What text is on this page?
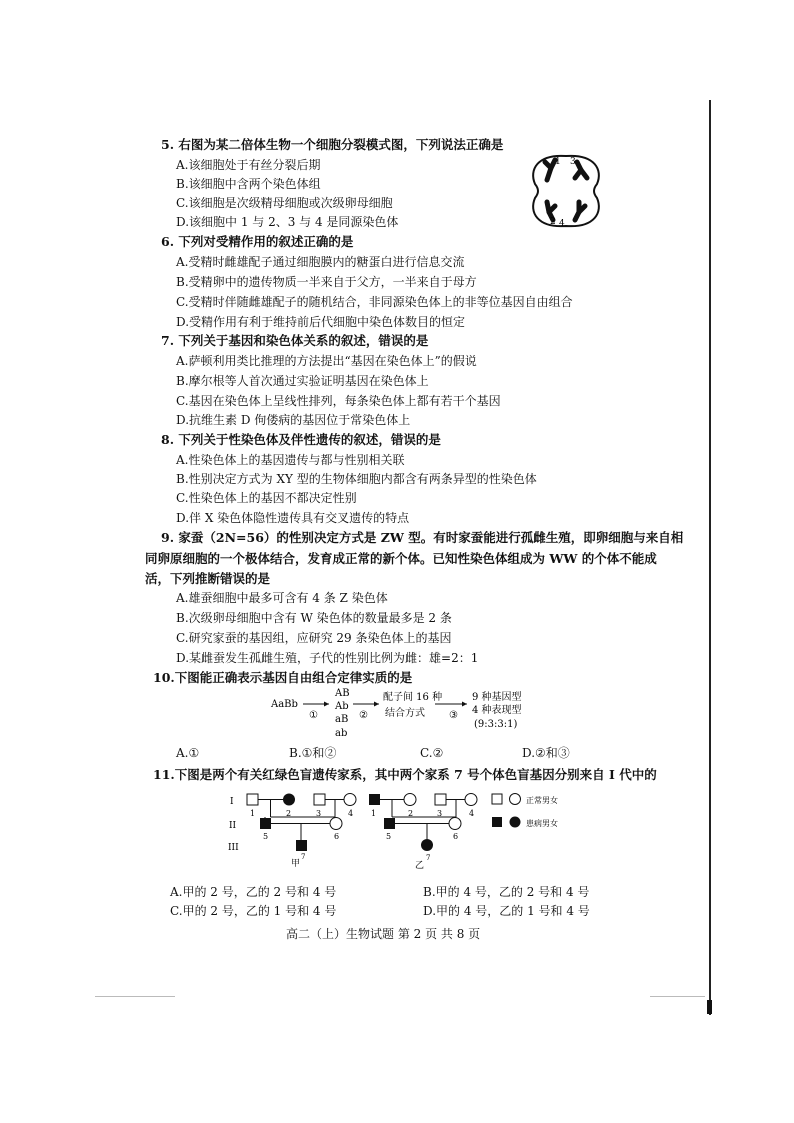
5. 右图为某二倍体生物一个细胞分裂模式图，下列说法正确是
A.该细胞处于有丝分裂后期
B.该细胞中含两个染色体组
C.该细胞是次级精母细胞或次级卵母细胞
D.该细胞中 1 与 2、3 与 4 是同源染色体
1 3
2 4
6. 下列对受精作用的叙述正确的是
A.受精时雌雄配子通过细胞膜内的糖蛋白进行信息交流
B.受精卵中的遗传物质一半来自于父方，一半来自于母方
C.受精时伴随雌雄配子的随机结合，非同源染色体上的非等位基因自由组合
D.受精作用有利于维持前后代细胞中染色体数目的恒定
7. 下列关于基因和染色体关系的叙述，错误的是
A.萨顿利用类比推理的方法提出“基因在染色体上”的假说
B.摩尔根等人首次通过实验证明基因在染色体上
C.基因在染色体上呈线性排列，每条染色体上都有若干个基因
D.抗维生素 D 佝偻病的基因位于常染色体上
8. 下列关于性染色体及伴性遗传的叙述，错误的是
A.性染色体上的基因遗传与都与性别相关联
B.性别决定方式为 XY 型的生物体细胞内都含有两条异型的性染色体
C.性染色体上的基因不都决定性别
D.伴 X 染色体隐性遗传具有交叉遗传的特点
9. 家蚕（2N=56）的性别决定方式是 ZW 型。有时家蚕能进行孤雌生殖，即卵细胞与来自相
同卵原细胞的一个极体结合，发育成正常的新个体。已知性染色体组成为 WW 的个体不能成
活，下列推断错误的是
A.雄蚕细胞中最多可含有 4 条 Z 染色体
B.次级卵母细胞中含有 W 染色体的数量最多是 2 条
C.研究家蚕的基因组，应研究 29 条染色体上的基因
D.某雌蚕发生孤雌生殖，子代的性别比例为雌：雄=2：1
10.下图能正确表示基因自由组合定律实质的是
AaBb
①
AB
Ab
aB
ab
②
配子间 16 种
结合方式 ③
9 种基因型
4 种表现型
(9:3:3:1)
A.①	B.①和②	C.②	D.②和③
11.下图是两个有关红绿色盲遗传家系，其中两个家系 7 号个体色盲基因分别来自 I 代中的
I
II
III
1	2	3	4
5	6
甲
7
1	2	3	4
5	6
乙
7
正常男女
患病男女
A.甲的 2 号，乙的 2 号和 4 号	B.甲的 4 号，乙的 2 号和 4 号
C.甲的 2 号，乙的 1 号和 4 号	D.甲的 4 号，乙的 1 号和 4 号
高二（上）生物试题 第 2 页 共 8 页
